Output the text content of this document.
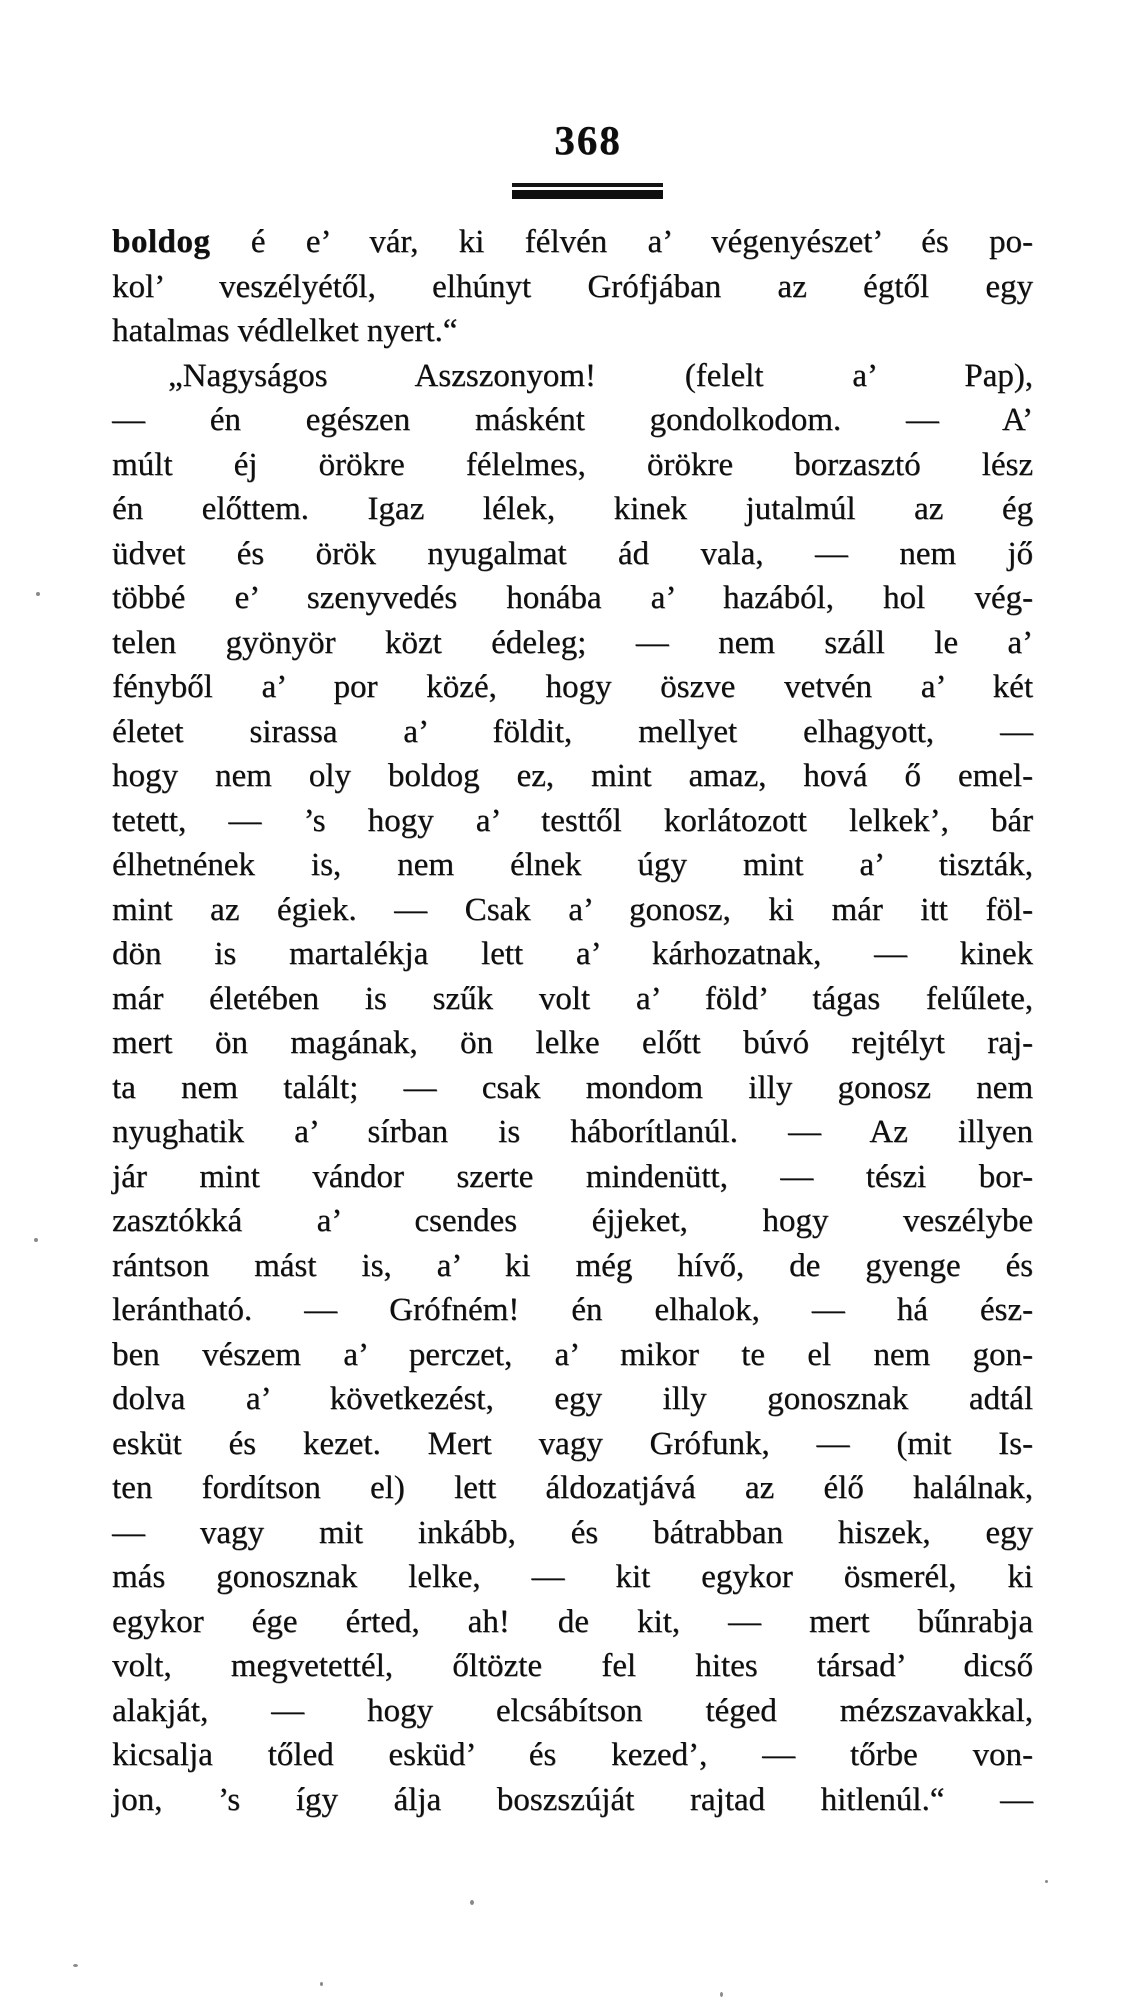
368
boldog é e’ vár, ki félvén a’ végenyészet’ és po-
kol’ veszélyétől, elhúnyt Grófjában az égtől egy
hatalmas védlelket nyert.“
„Nagyságos Aszszonyom! (felelt a’ Pap),
— én egészen másként gondolkodom. — A’
múlt éj örökre félelmes, örökre borzasztó lész
én előttem. Igaz lélek, kinek jutalmúl az ég
üdvet és örök nyugalmat ád vala, — nem jő
többé e’ szenyvedés honába a’ hazából, hol vég-
telen gyönyör közt édeleg; — nem száll le a’
fényből a’ por közé, hogy öszve vetvén a’ két
életet sirassa a’ földit, mellyet elhagyott, —
hogy nem oly boldog ez, mint amaz, hová ő emel-
tetett, — ’s hogy a’ testtől korlátozott lelkek’, bár
élhetnének is, nem élnek úgy mint a’ tiszták,
mint az égiek. — Csak a’ gonosz, ki már itt föl-
dön is martalékja lett a’ kárhozatnak, — kinek
már életében is szűk volt a’ föld’ tágas felűlete,
mert ön magának, ön lelke előtt búvó rejtélyt raj-
ta nem talált; — csak mondom illy gonosz nem
nyughatik a’ sírban is háborítlanúl. — Az illyen
jár mint vándor szerte mindenütt, — tészi bor-
zasztókká a’ csendes éjjeket, hogy veszélybe
rántson mást is, a’ ki még hívő, de gyenge és
lerántható. — Grófném! én elhalok, — há ész-
ben vészem a’ perczet, a’ mikor te el nem gon-
dolva a’ következést, egy illy gonosznak adtál
esküt és kezet. Mert vagy Grófunk, — (mit Is-
ten fordítson el) lett áldozatjává az élő halálnak,
— vagy mit inkább, és bátrabban hiszek, egy
más gonosznak lelke, — kit egykor ösmerél, ki
egykor ége érted, ah! de kit, — mert bűnrabja
volt, megvetettél, őltözte fel hites társad’ dicső
alakját, — hogy elcsábítson téged mézszavakkal,
kicsalja tőled esküd’ és kezed’, — tőrbe von-
jon, ’s így álja boszszúját rajtad hitlenúl.“ —
